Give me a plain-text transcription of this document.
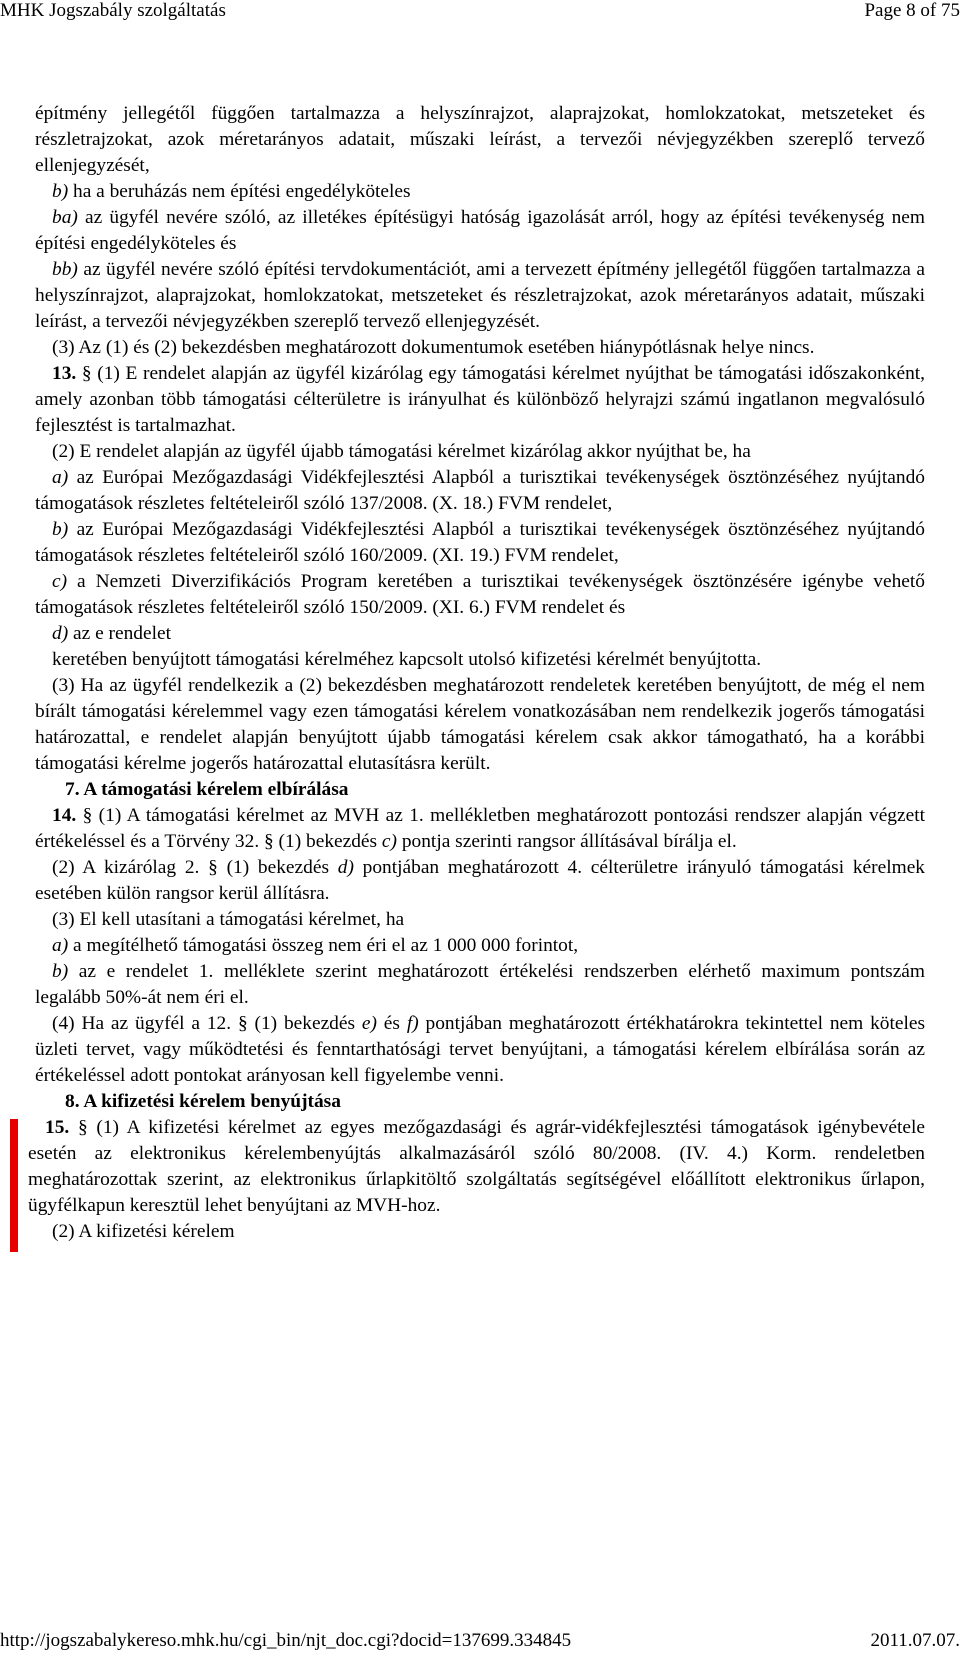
MHK Jogszabály szolgáltatás	Page 8 of 75

építmény jellegétől függően tartalmazza a helyszínrajzot, alaprajzokat, homlokzatokat, metszeteket és részletrajzokat, azok méretarányos adatait, műszaki leírást, a tervezői névjegyzékben szereplő tervező ellenjegyzését,

b) ha a beruházás nem építési engedélyköteles

ba) az ügyfél nevére szóló, az illetékes építésügyi hatóság igazolását arról, hogy az építési tevékenység nem építési engedélyköteles és

bb) az ügyfél nevére szóló építési tervdokumentációt, ami a tervezett építmény jellegétől függően tartalmazza a helyszínrajzot, alaprajzokat, homlokzatokat, metszeteket és részletrajzokat, azok méretarányos adatait, műszaki leírást, a tervezői névjegyzékben szereplő tervező ellenjegyzését.

(3) Az (1) és (2) bekezdésben meghatározott dokumentumok esetében hiánypótlásnak helye nincs.

13. § (1) E rendelet alapján az ügyfél kizárólag egy támogatási kérelmet nyújthat be támogatási időszakonként, amely azonban több támogatási célterületre is irányulhat és különböző helyrajzi számú ingatlanon megvalósuló fejlesztést is tartalmazhat.

(2) E rendelet alapján az ügyfél újabb támogatási kérelmet kizárólag akkor nyújthat be, ha

a) az Európai Mezőgazdasági Vidékfejlesztési Alapból a turisztikai tevékenységek ösztönzéséhez nyújtandó támogatások részletes feltételeiről szóló 137/2008. (X. 18.) FVM rendelet,

b) az Európai Mezőgazdasági Vidékfejlesztési Alapból a turisztikai tevékenységek ösztönzéséhez nyújtandó támogatások részletes feltételeiről szóló 160/2009. (XI. 19.) FVM rendelet,

c) a Nemzeti Diverzifikációs Program keretében a turisztikai tevékenységek ösztönzésére igénybe vehető támogatások részletes feltételeiről szóló 150/2009. (XI. 6.) FVM rendelet és

d) az e rendelet

keretében benyújtott támogatási kérelméhez kapcsolt utolsó kifizetési kérelmét benyújtotta.

(3) Ha az ügyfél rendelkezik a (2) bekezdésben meghatározott rendeletek keretében benyújtott, de még el nem bírált támogatási kérelemmel vagy ezen támogatási kérelem vonatkozásában nem rendelkezik jogerős támogatási határozattal, e rendelet alapján benyújtott újabb támogatási kérelem csak akkor támogatható, ha a korábbi támogatási kérelme jogerős határozattal elutasításra került.

7. A támogatási kérelem elbírálása

14. § (1) A támogatási kérelmet az MVH az 1. mellékletben meghatározott pontozási rendszer alapján végzett értékeléssel és a Törvény 32. § (1) bekezdés c) pontja szerinti rangsor állításával bírálja el.

(2) A kizárólag 2. § (1) bekezdés d) pontjában meghatározott 4. célterületre irányuló támogatási kérelmek esetében külön rangsor kerül állításra.

(3) El kell utasítani a támogatási kérelmet, ha

a) a megítélhető támogatási összeg nem éri el az 1 000 000 forintot,

b) az e rendelet 1. melléklete szerint meghatározott értékelési rendszerben elérhető maximum pontszám legalább 50%-át nem éri el.

(4) Ha az ügyfél a 12. § (1) bekezdés e) és f) pontjában meghatározott értékhatárokra tekintettel nem köteles üzleti tervet, vagy működtetési és fenntarthatósági tervet benyújtani, a támogatási kérelem elbírálása során az értékeléssel adott pontokat arányosan kell figyelembe venni.

8. A kifizetési kérelem benyújtása

15. § (1) A kifizetési kérelmet az egyes mezőgazdasági és agrár-vidékfejlesztési támogatások igénybevétele esetén az elektronikus kérelembenyújtás alkalmazásáról szóló 80/2008. (IV. 4.) Korm. rendeletben meghatározottak szerint, az elektronikus űrlapkitöltő szolgáltatás segítségével előállított elektronikus űrlapon, ügyfélkapun keresztül lehet benyújtani az MVH-hoz.

(2) A kifizetési kérelem

http://jogszabalykereso.mhk.hu/cgi_bin/njt_doc.cgi?docid=137699.334845	2011.07.07.
